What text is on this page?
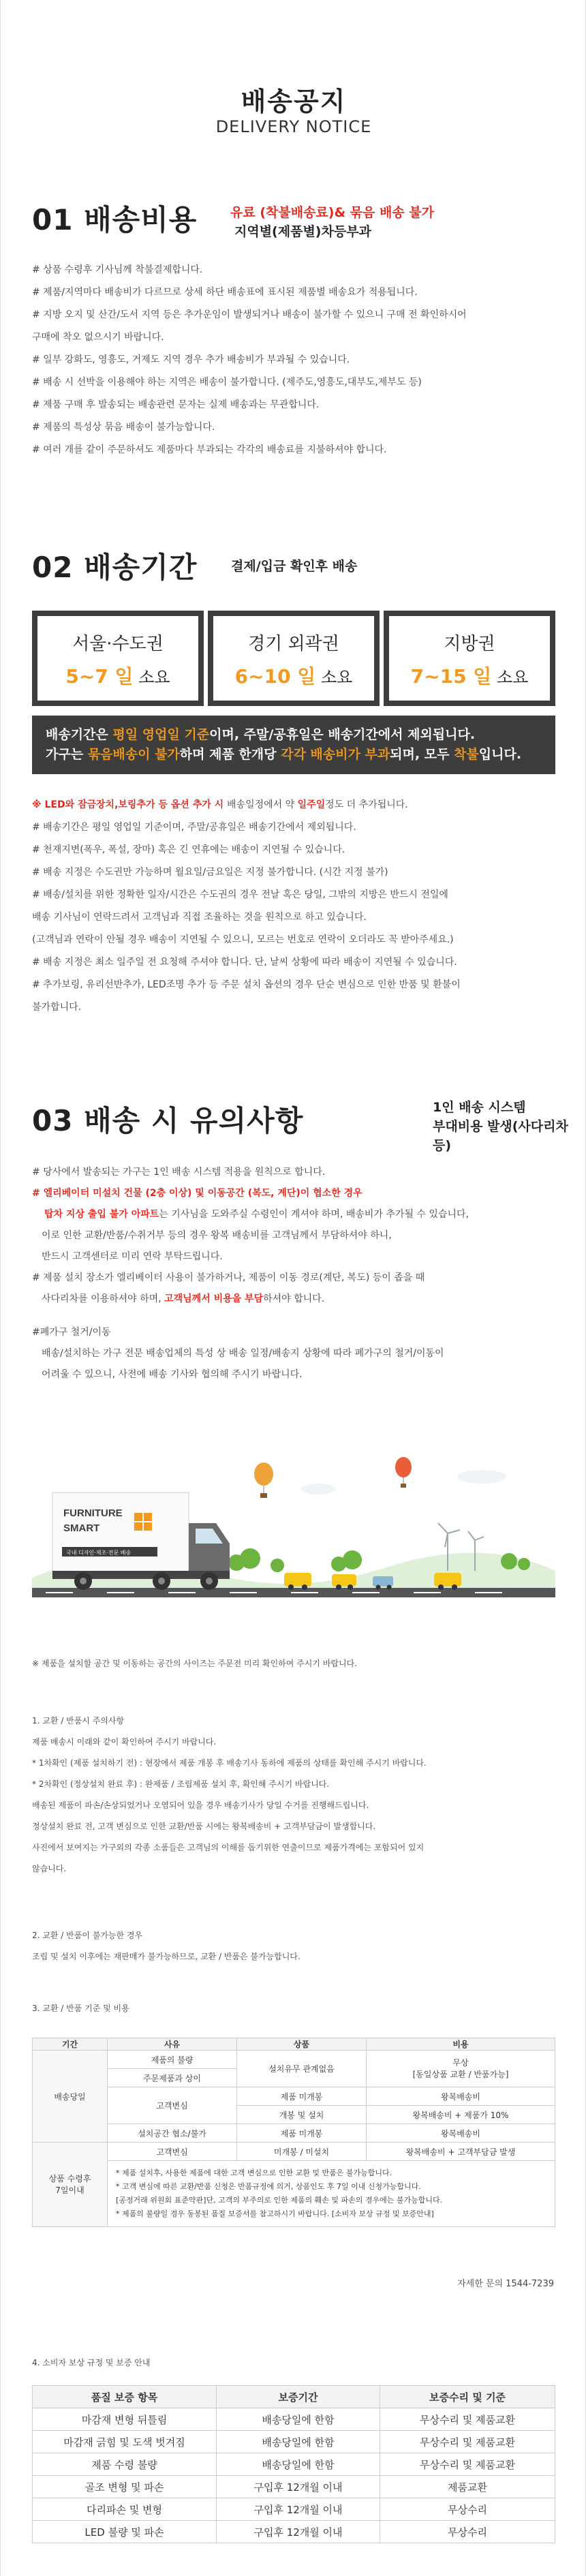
배송공지
DELIVERY NOTICE
01 배송비용	유료 (착불배송료)& 묶음 배송 불가
지역별(제품별)차등부과
# 상품 수령후 기사님께 착불결제합니다.
# 제품/지역마다 배송비가 다르므로 상세 하단 배송표에 표시된 제품별 배송요가 적용됩니다.
# 지방 오지 및 산간/도서 지역 등은 추가운임이 발생되거나 배송이 불가할 수 있으니 구매 전 확인하시어
구매에 착오 없으시기 바랍니다.
# 일부 강화도, 영흥도, 거제도 지역 경우 추가 배송비가 부과될 수 있습니다.
# 배송 시 선박을 이용해야 하는 지역은 배송이 불가합니다. (제주도,영흥도,대부도,제부도 등)
# 제품 구매 후 발송되는 배송관련 문자는 실제 배송과는 무관합니다.
# 제품의 특성상 묶음 배송이 불가능합니다.
# 여러 개를 같이 주문하셔도 제품마다 부과되는 각각의 배송료를 지불하셔야 합니다.
02 배송기간	결제/입금 확인후 배송
서울·수도권
5~7 일 소요
경기 외곽권
6~10 일 소요
지방권
7~15 일 소요
배송기간은 평일 영업일 기준이며, 주말/공휴일은 배송기간에서 제외됩니다.
가구는 묶음배송이 불가하며 제품 한개당 각각 배송비가 부과되며, 모두 착불입니다.
※ LED와 잠금장치,보링추가 등 옵션 추가 시 배송일정에서 약 일주일정도 더 추가됩니다.
# 배송기간은 평일 영업일 기준이며, 주말/공휴일은 배송기간에서 제외됩니다.
# 천재지변(폭우, 폭설, 장마) 혹은 긴 연휴에는 배송이 지연될 수 있습니다.
# 배송 지정은 수도권만 가능하며 월요일/금요일은 지정 불가합니다. (시간 지정 불가)
# 배송/설치를 위한 정확한 일자/시간은 수도권의 경우 전날 혹은 당일, 그밖의 지방은 반드시 전일에
배송 기사님이 연락드려서 고객님과 직접 조율하는 것을 원칙으로 하고 있습니다.
(고객님과 연락이 안될 경우 배송이 지연될 수 있으니, 모르는 번호로 연락이 오더라도 꼭 받아주세요.)
# 배송 지정은 최소 일주일 전 요청해 주셔야 합니다. 단, 날씨 상황에 따라 배송이 지연될 수 있습니다.
# 추가보링, 유리선반추가, LED조명 추가 등 주문 설치 옵션의 경우 단순 변심으로 인한 반품 및 환불이
불가합니다.
03 배송 시 유의사항	1인 배송 시스템
부대비용 발생(사다리차 등)
# 당사에서 발송되는 가구는 1인 배송 시스템 적용을 원칙으로 합니다.
# 엘리베이터 미설치 건물 (2층 이상) 및 이동공간 (복도, 계단)이 협소한 경우
탑차 지상 출입 불가 아파트는 기사님을 도와주실 수령인이 계셔야 하며, 배송비가 추가될 수 있습니다,
이로 인한 교환/반품/수취거부 등의 경우 왕복 배송비를 고객님께서 부담하셔야 하니,
반드시 고객센터로 미리 연락 부탁드립니다.
# 제품 설치 장소가 엘리베이터 사용이 불가하거나, 제품이 이동 경로(계단, 복도) 등이 좁을 때
사다리차를 이용하셔야 하며, 고객님께서 비용을 부담하셔야 합니다.
#폐가구 철거/이동
배송/설치하는 가구 전문 배송업체의 특성 상 배송 일정/배송지 상황에 따라 폐가구의 철거/이동이
어려울 수 있으니, 사전에 배송 기사와 협의해 주시기 바랍니다.
FURNITURE
SMART
국내 디자인·제조·전문 배송
※ 제품을 설치할 공간 및 이동하는 공간의 사이즈는 주문전 미리 확인하여 주시기 바랍니다.
1. 교환 / 반품시 주의사항
제품 배송시 이래와 같이 확인하여 주시기 바랍니다.
* 1차확인 (제품 설치하기 전) : 현장에서 제품 개봉 후 배송기사 동하에 제품의 상태를 확인해 주시기 바랍니다.
* 2차확인 (정상설치 완료 후) : 완제품 / 조립제품 설치 후, 확인해 주시기 바랍니다.
배송된 제품이 파손/손상되었거나 오염되어 있을 경우 배송기사가 당일 수거를 진행해드립니다.
정상설치 완료 전, 고객 변심으로 인한 교환/반품 시에는 왕복배송비 + 고객부담금이 발생합니다.
사진에서 보여지는 가구외의 각종 소품들은 고객님의 이해를 돕기위한 연출이므로 제품가격에는 포함되어 있지
않습니다.
2. 교환 / 반품이 불가능한 경우
조립 및 설치 이후에는 재판매가 불가능하므로, 교환 / 반품은 불가능합니다.
3. 교환 / 반품 기준 및 비용
기간	사유	상품	비용
배송당일	제품의 불량	설치유무 관계없음	무상
[동일상품 교환 / 반품가능]
	주문제품과 상이		
	고객변심	제품 미개봉	왕복배송비
		개봉 및 설치	왕복배송비 + 제품가 10%
	설치공간 협소/불가	제품 미개봉	왕복배송비
상품 수령후
7일이내	고객변심	미개봉 / 미설치	왕복배송비 + 고객부담금 발생

	* 제품 설치후, 사용한 제품에 대한 고객 변심으로 인한 교환 및 반품은 불가능합니다.
* 고객 변심에 따른 교환/반품 신청은 반품규정에 의거, 상품인도 후 7일 이내 신청가능합니다.
[공정거래 위원회 표준약관]단, 고객의 부주의로 인한 제품의 훼손 및 파손의 경우에는 불가능합니다.
* 제품의 불량일 경우 동봉된 품질 보증서를 참고하시기 바랍니다. [소비자 보상 규정 및 보증안내]		
자세한 문의 1544-7239
4. 소비자 보상 규정 및 보증 안내
품질 보증 항목	보증기간	보증수리 및 기준
마감재 변형 뒤틀림	배송당일에 한함	무상수리 및 제품교환
마감재 긁힘 및 도색 벗겨짐	배송당일에 한함	무상수리 및 제품교환
제품 수령 불량	배송당일에 한함	무상수리 및 제품교환
골조 변형 및 파손	구입후 12개월 이내	제품교환
다리파손 및 변형	구입후 12개월 이내	무상수리
LED 불량 및 파손	구입후 12개월 이내	무상수리
